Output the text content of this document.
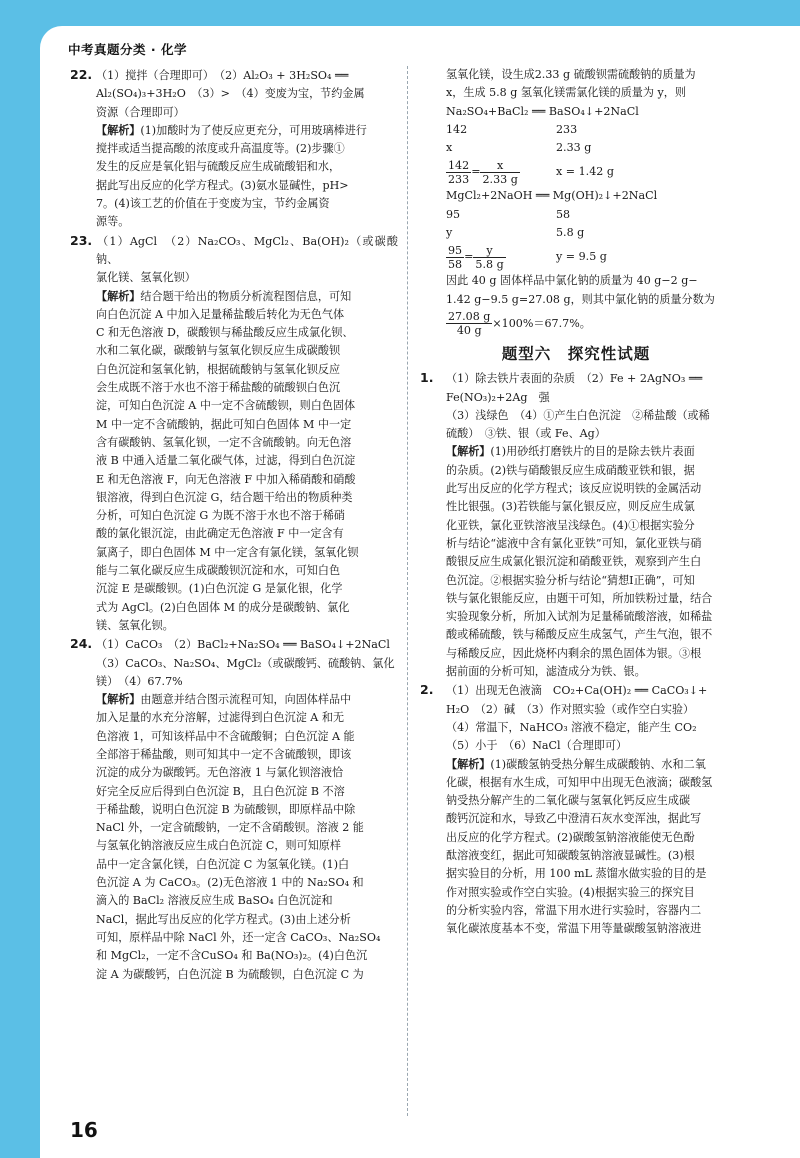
中考真题分类 · 化学

22. （1）搅拌（合理即可）　（2）Al₂O₃ + 3H₂SO₄ ══

Al₂(SO₄)₃+3H₂O　（3）>　（4）变废为宝，节约金属

资源（合理即可）

【解析】(1)加酸时为了使反应更充分，可用玻璃棒进行

搅拌或适当提高酸的浓度或升高温度等。(2)步骤①

发生的反应是氧化铝与硫酸反应生成硫酸铝和水，

据此写出反应的化学方程式。(3)氨水显碱性，pH>

7。(4)该工艺的价值在于变废为宝，节约金属资

源等。

23. （1）AgCl　（2）Na₂CO₃、MgCl₂、Ba(OH)₂（或碳酸钠、

氯化镁、氢氧化钡）

【解析】结合题干给出的物质分析流程图信息，可知

向白色沉淀 A 中加入足量稀盐酸后转化为无色气体

C 和无色溶液 D，碳酸钡与稀盐酸反应生成氯化钡、

水和二氧化碳，碳酸钠与氢氧化钡反应生成碳酸钡

白色沉淀和氢氧化钠，根据硫酸钠与氢氧化钡反应

会生成既不溶于水也不溶于稀盐酸的硫酸钡白色沉

淀，可知白色沉淀 A 中一定不含硫酸钡，则白色固体

M 中一定不含硫酸钠，据此可知白色固体 M 中一定

含有碳酸钠、氢氧化钡，一定不含硫酸钠。向无色溶

液 B 中通入适量二氧化碳气体，过滤，得到白色沉淀

E 和无色溶液 F，向无色溶液 F 中加入稀硝酸和硝酸

银溶液，得到白色沉淀 G，结合题干给出的物质种类

分析，可知白色沉淀 G 为既不溶于水也不溶于稀硝

酸的氯化银沉淀，由此确定无色溶液 F 中一定含有

氯离子，即白色固体 M 中一定含有氯化镁，氢氧化钡

能与二氧化碳反应生成碳酸钡沉淀和水，可知白色

沉淀 E 是碳酸钡。(1)白色沉淀 G 是氯化银，化学

式为 AgCl。(2)白色固体 M 的成分是碳酸钠、氯化

镁、氢氧化钡。

24. （1）CaCO₃　（2）BaCl₂+Na₂SO₄ ══ BaSO₄↓+2NaCl

（3）CaCO₃、Na₂SO₄、MgCl₂（或碳酸钙、硫酸钠、氯化

镁）　（4）67.7%

【解析】由题意并结合图示流程可知，向固体样品中

加入足量的水充分溶解，过滤得到白色沉淀 A 和无

色溶液 1，可知该样品中不含硫酸铜；白色沉淀 A 能

全部溶于稀盐酸，则可知其中一定不含硫酸钡，即该

沉淀的成分为碳酸钙。无色溶液 1 与氯化钡溶液恰

好完全反应后得到白色沉淀 B，且白色沉淀 B 不溶

于稀盐酸，说明白色沉淀 B 为硫酸钡，即原样品中除

NaCl 外，一定含硫酸钠，一定不含硝酸钡。溶液 2 能

与氢氧化钠溶液反应生成白色沉淀 C，则可知原样

品中一定含氯化镁，白色沉淀 C 为氢氧化镁。(1)白

色沉淀 A 为 CaCO₃。(2)无色溶液 1 中的 Na₂SO₄ 和

滴入的 BaCl₂ 溶液反应生成 BaSO₄ 白色沉淀和

NaCl，据此写出反应的化学方程式。(3)由上述分析

可知，原样品中除 NaCl 外，还一定含 CaCO₃、Na₂SO₄

和 MgCl₂，一定不含CuSO₄ 和 Ba(NO₃)₂。(4)白色沉

淀 A 为碳酸钙，白色沉淀 B 为硫酸钡，白色沉淀 C 为

氢氧化镁，设生成2.33 g 硫酸钡需硫酸钠的质量为

x，生成 5.8 g 氢氧化镁需氯化镁的质量为 y，则

Na₂SO₄+BaCl₂ ══ BaSO₄↓+2NaCl

142	233
x	2.33 g
$\frac{142}{233} = \frac{x}{2.33 g}$	x = 1.42 g

MgCl₂+2NaOH ══ Mg(OH)₂↓+2NaCl

95	58
y	5.8 g
$\frac{95}{58} = \frac{y}{5.8 g}$	y = 9.5 g

因此 40 g 固体样品中氯化钠的质量为 40 g−2 g−

1.42 g−9.5 g=27.08 g，则其中氯化钠的质量分数为

$\frac{27.08 g}{40 g} \times 100\%=67.7\%$。
题型六　探究性试题

1. （1）除去铁片表面的杂质　（2）Fe + 2AgNO₃ ══

Fe(NO₃)₂+2Ag　强

（3）浅绿色　（4）①产生白色沉淀　②稀盐酸（或稀

硫酸）　③铁、银（或 Fe、Ag）

【解析】(1)用砂纸打磨铁片的目的是除去铁片表面

的杂质。(2)铁与硝酸银反应生成硝酸亚铁和银，据

此写出反应的化学方程式；该反应说明铁的金属活动

性比银强。(3)若铁能与氯化银反应，则反应生成氯

化亚铁，氯化亚铁溶液呈浅绿色。(4)①根据实验分

析与结论“滤液中含有氯化亚铁”可知，氯化亚铁与硝

酸银反应生成氯化银沉淀和硝酸亚铁，观察到产生白

色沉淀。②根据实验分析与结论“猜想Ⅰ正确”，可知

铁与氯化银能反应，由题干可知，所加铁粉过量，结合

实验现象分析，所加入试剂为足量稀硫酸溶液，如稀盐

酸或稀硫酸，铁与稀酸反应生成氢气，产生气泡，银不

与稀酸反应，因此烧杯内剩余的黑色固体为银。③根

据前面的分析可知，滤渣成分为铁、银。

2. （1）出现无色液滴　CO₂+Ca(OH)₂ ══ CaCO₃↓+

H₂O　（2）碱　（3）作对照实验（或作空白实验）

（4）常温下，NaHCO₃ 溶液不稳定，能产生 CO₂

（5）小于　（6）NaCl（合理即可）

【解析】(1)碳酸氢钠受热分解生成碳酸钠、水和二氧

化碳，根据有水生成，可知甲中出现无色液滴；碳酸氢

钠受热分解产生的二氧化碳与氢氧化钙反应生成碳

酸钙沉淀和水，导致乙中澄清石灰水变浑浊，据此写

出反应的化学方程式。(2)碳酸氢钠溶液能使无色酚

酞溶液变红，据此可知碳酸氢钠溶液显碱性。(3)根

据实验目的分析，用 100 mL 蒸馏水做实验的目的是

作对照实验或作空白实验。(4)根据实验三的探究目

的分析实验内容，常温下用水进行实验时，容器内二

氧化碳浓度基本不变，常温下用等量碳酸氢钠溶液进

16
